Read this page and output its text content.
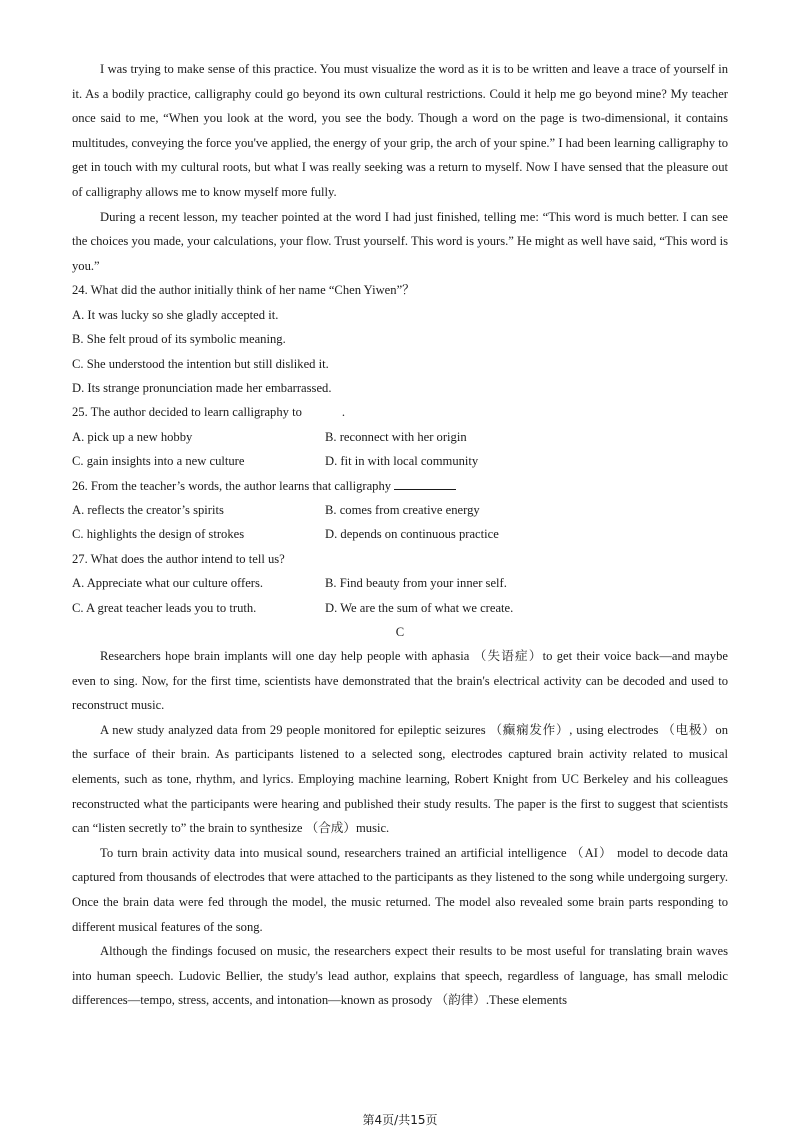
I was trying to make sense of this practice. You must visualize the word as it is to be written and leave a trace of yourself in it. As a bodily practice, calligraphy could go beyond its own cultural restrictions. Could it help me go beyond mine? My teacher once said to me, “When you look at the word, you see the body. Though a word on the page is two-dimensional, it contains multitudes, conveying the force you've applied, the energy of your grip, the arch of your spine.” I had been learning calligraphy to get in touch with my cultural roots, but what I was really seeking was a return to myself. Now I have sensed that the pleasure out of calligraphy allows me to know myself more fully.

During a recent lesson, my teacher pointed at the word I had just finished, telling me: “This word is much better. I can see the choices you made, your calculations, your flow. Trust yourself. This word is yours.” He might as well have said, “This word is you.”

24. What did the author initially think of her name “Chen Yiwen”？

A. It was lucky so she gladly accepted it.

B. She felt proud of its symbolic meaning.

C. She understood the intention but still disliked it.

D. Its strange pronunciation made her embarrassed.

25. The author decided to learn calligraphy to	.

A. pick up a new hobby	B. reconnect with her origin
C. gain insights into a new culture	D. fit in with local community

26. From the teacher’s words, the author learns that calligraphy

A. reflects the creator’s spirits	B. comes from creative energy
C. highlights the design of strokes	D. depends on continuous practice

27. What does the author intend to tell us?

A. Appreciate what our culture offers.	B. Find beauty from your inner self.
C. A great teacher leads you to truth.	D. We are the sum of what we create.

C

Researchers hope brain implants will one day help people with aphasia （失语症）to get their voice back—and maybe even to sing. Now, for the first time, scientists have demonstrated that the brain's electrical activity can be decoded and used to reconstruct music.

A new study analyzed data from 29 people monitored for epileptic seizures （癫痫发作）, using electrodes （电极）on the surface of their brain. As participants listened to a selected song, electrodes captured brain activity related to musical elements, such as tone, rhythm, and lyrics. Employing machine learning, Robert Knight from UC Berkeley and his colleagues reconstructed what the participants were hearing and published their study results. The paper is the first to suggest that scientists can “listen secretly to” the brain to synthesize （合成）music.

To turn brain activity data into musical sound, researchers trained an artificial intelligence （AI） model to decode data captured from thousands of electrodes that were attached to the participants as they listened to the song while undergoing surgery. Once the brain data were fed through the model, the music returned. The model also revealed some brain parts responding to different musical features of the song.

Although the findings focused on music, the researchers expect their results to be most useful for translating brain waves into human speech. Ludovic Bellier, the study's lead author, explains that speech, regardless of language, has small melodic differences—tempo, stress, accents, and intonation—known as prosody （韵律）.These elements

第4页/共15页
